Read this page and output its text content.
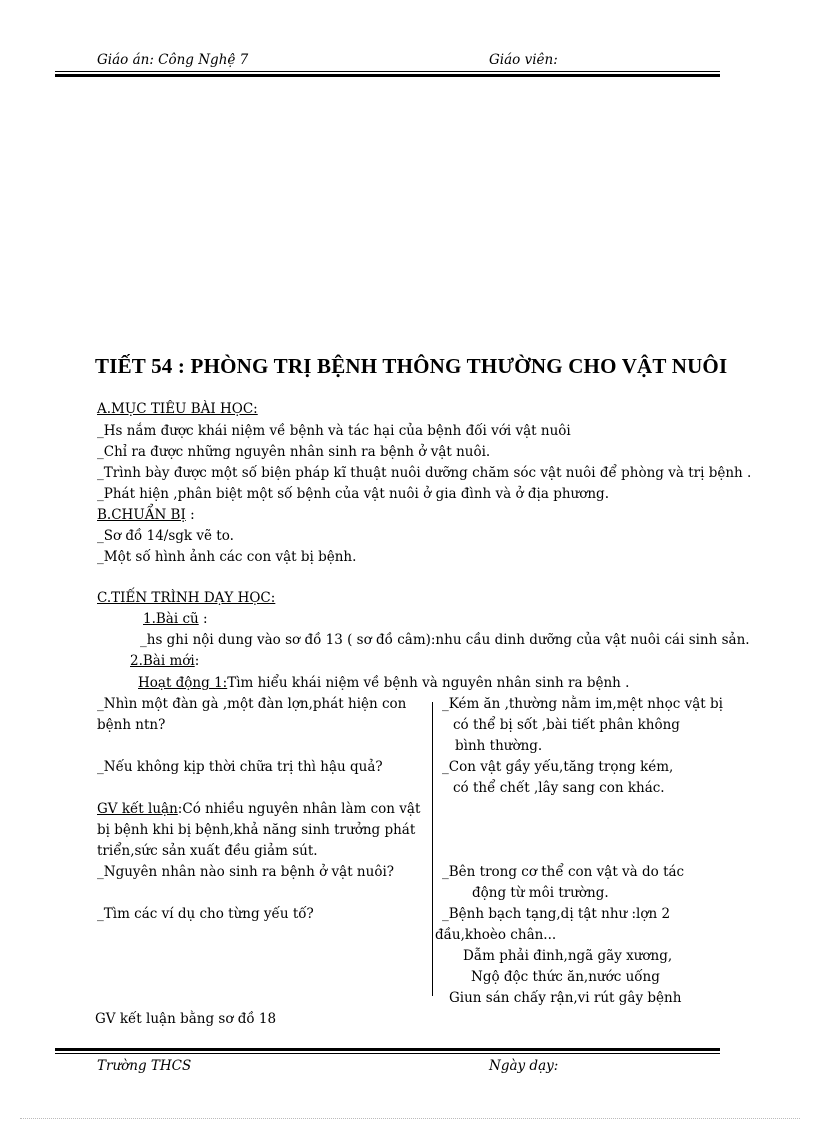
Giáo án: Công Nghệ 7	Giáo viên:
TIẾT 54 : PHÒNG TRỊ BỆNH THÔNG THƯỜNG CHO VẬT NUÔI
A.MỤC TIÊU BÀI HỌC:
_Hs nắm được khái niệm về bệnh và tác hại của bệnh đối với vật nuôi
_Chỉ ra được những nguyên nhân sinh ra bệnh ở vật nuôi.
_Trình bày được một số biện pháp kĩ thuật nuôi dưỡng chăm sóc vật nuôi để phòng và trị bệnh .
_Phát hiện ,phân biệt một số bệnh của vật nuôi ở gia đình và ở địa phương.
B.CHUẨN BỊ :
_Sơ đồ 14/sgk vẽ to.
_Một số hình ảnh các con vật bị bệnh.
C.TIẾN TRÌNH DẠY HỌC:
1.Bài cũ :
_hs ghi nội dung vào sơ đồ 13 ( sơ đồ câm):nhu cầu dinh dưỡng của vật nuôi cái sinh sản.
2.Bài mới:
Hoạt động 1:Tìm hiểu khái niệm về bệnh và nguyên nhân sinh ra bệnh .
_Nhìn một đàn gà ,một đàn lợn,phát hiện con
bệnh ntn?
_Nếu không kịp thời chữa trị thì hậu quả?
GV kết luận:Có nhiều nguyên nhân làm con vật
bị bệnh khi bị bệnh,khả năng sinh trưởng phát
triển,sức sản xuất đều giảm sút.
_Nguyên nhân nào sinh ra bệnh ở vật nuôi?
_Tìm các ví dụ cho từng yếu tố?
_Kém ăn ,thường nằm im,mệt nhọc vật bị
có thể bị sốt ,bài tiết phân không
bình thường.
_Con vật gầy yếu,tăng trọng kém,
có thể chết ,lây sang con khác.
_Bên trong cơ thể con vật và do tác
động từ môi trường.
_Bệnh bạch tạng,dị tật như :lợn 2
đầu,khoèo chân...
Dẫm phải đinh,ngã gãy xương,
Ngộ độc thức ăn,nước uống
Giun sán chấy rận,vi rút gây bệnh
GV kết luận bằng sơ đồ 18
Trường THCS	Ngày dạy:
